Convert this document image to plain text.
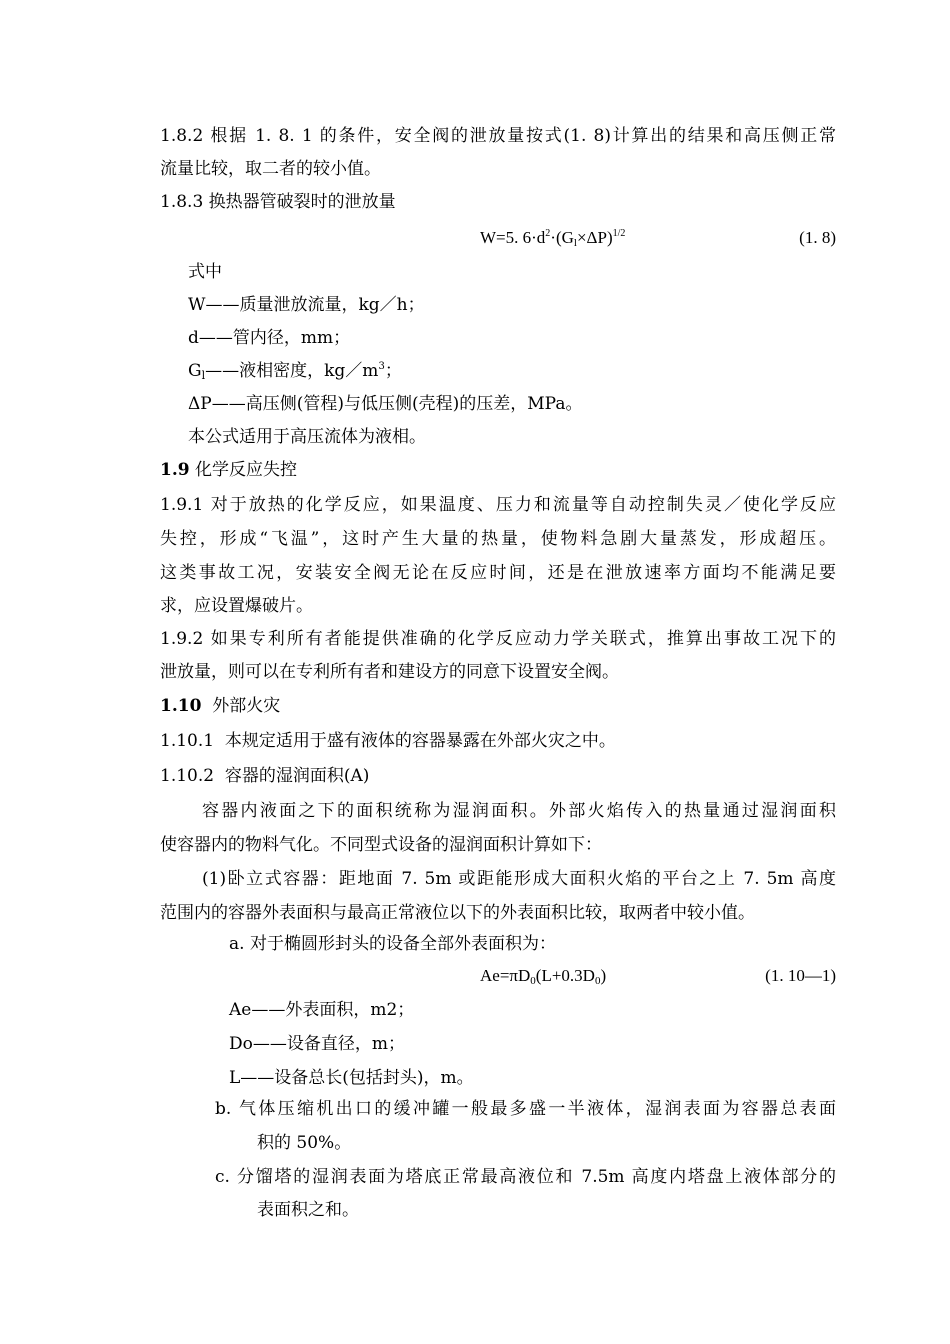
1.8.2 根据 1. 8. 1 的条件，安全阀的泄放量按式(1. 8)计算出的结果和高压侧正常
流量比较，取二者的较小值。
1.8.3 换热器管破裂时的泄放量
W=5. $6\cdot d^2\cdot(G_l\times\Delta P)^{1/2}$	(1. 8)
式中
W——质量泄放流量，kg／h；
d——管内径，mm；
$G_l——$液相密度，$kg/m^3$；
ΔP——高压侧(管程)与低压侧(壳程)的压差，MPa。
本公式适用于高压流体为液相。
1.9 化学反应失控
1.9.1 对于放热的化学反应，如果温度、压力和流量等自动控制失灵／使化学反应
失控，形成“飞温”，这时产生大量的热量，使物料急剧大量蒸发，形成超压。
这类事故工况，安装安全阀无论在反应时间，还是在泄放速率方面均不能满足要
求，应设置爆破片。
1.9.2 如果专利所有者能提供准确的化学反应动力学关联式，推算出事故工况下的
泄放量，则可以在专利所有者和建设方的同意下设置安全阀。
1.10 外部火灾
1.10.1 本规定适用于盛有液体的容器暴露在外部火灾之中。
1.10.2 容器的湿润面积(A)
容器内液面之下的面积统称为湿润面积。外部火焰传入的热量通过湿润面积
使容器内的物料气化。不同型式设备的湿润面积计算如下：
(1)卧立式容器：距地面 7. 5m 或距能形成大面积火焰的平台之上 7. 5m 高度
范围内的容器外表面积与最高正常液位以下的外表面积比较，取两者中较小值。
a. 对于椭圆形封头的设备全部外表面积为：
$Ae=\pi D_0(L+0.3D_0)$	(1. 10—1)
Ae——外表面积，m2；
Do——设备直径，m；
L——设备总长(包括封头)，m。
b. 气体压缩机出口的缓冲罐一般最多盛一半液体，湿润表面为容器总表面
积的 50%。
c. 分馏塔的湿润表面为塔底正常最高液位和 7.5m 高度内塔盘上液体部分的
表面积之和。
